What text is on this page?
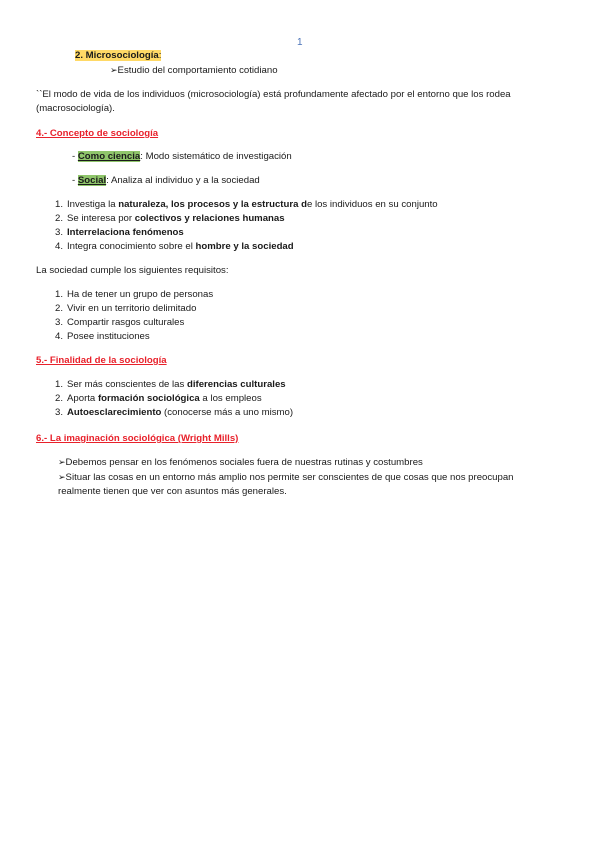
1
2. Microsociología:
➢Estudio del comportamiento cotidiano
``El modo de vida de los individuos (microsociología) está profundamente afectado por el entorno que los rodea
(macrosociología).
4.- Concepto de sociología
- Como ciencia: Modo sistemático de investigación
- Social: Analiza al individuo y a la sociedad
1. Investiga la naturaleza, los procesos y la estructura de los individuos en su conjunto
2. Se interesa por colectivos y relaciones humanas
3. Interrelaciona fenómenos
4. Integra conocimiento sobre el hombre y la sociedad
La sociedad cumple los siguientes requisitos:
1. Ha de tener un grupo de personas
2. Vivir en un territorio delimitado
3. Compartir rasgos culturales
4. Posee instituciones
5.- Finalidad de la sociología
1. Ser más conscientes de las diferencias culturales
2. Aporta formación sociológica a los empleos
3. Autoesclarecimiento (conocerse más a uno mismo)
6.- La imaginación sociológica (Wright Mills)
➢Debemos pensar en los fenómenos sociales fuera de nuestras rutinas y costumbres
➢Situar las cosas en un entorno más amplio nos permite ser conscientes de que cosas que nos preocupan
realmente tienen que ver con asuntos más generales.
